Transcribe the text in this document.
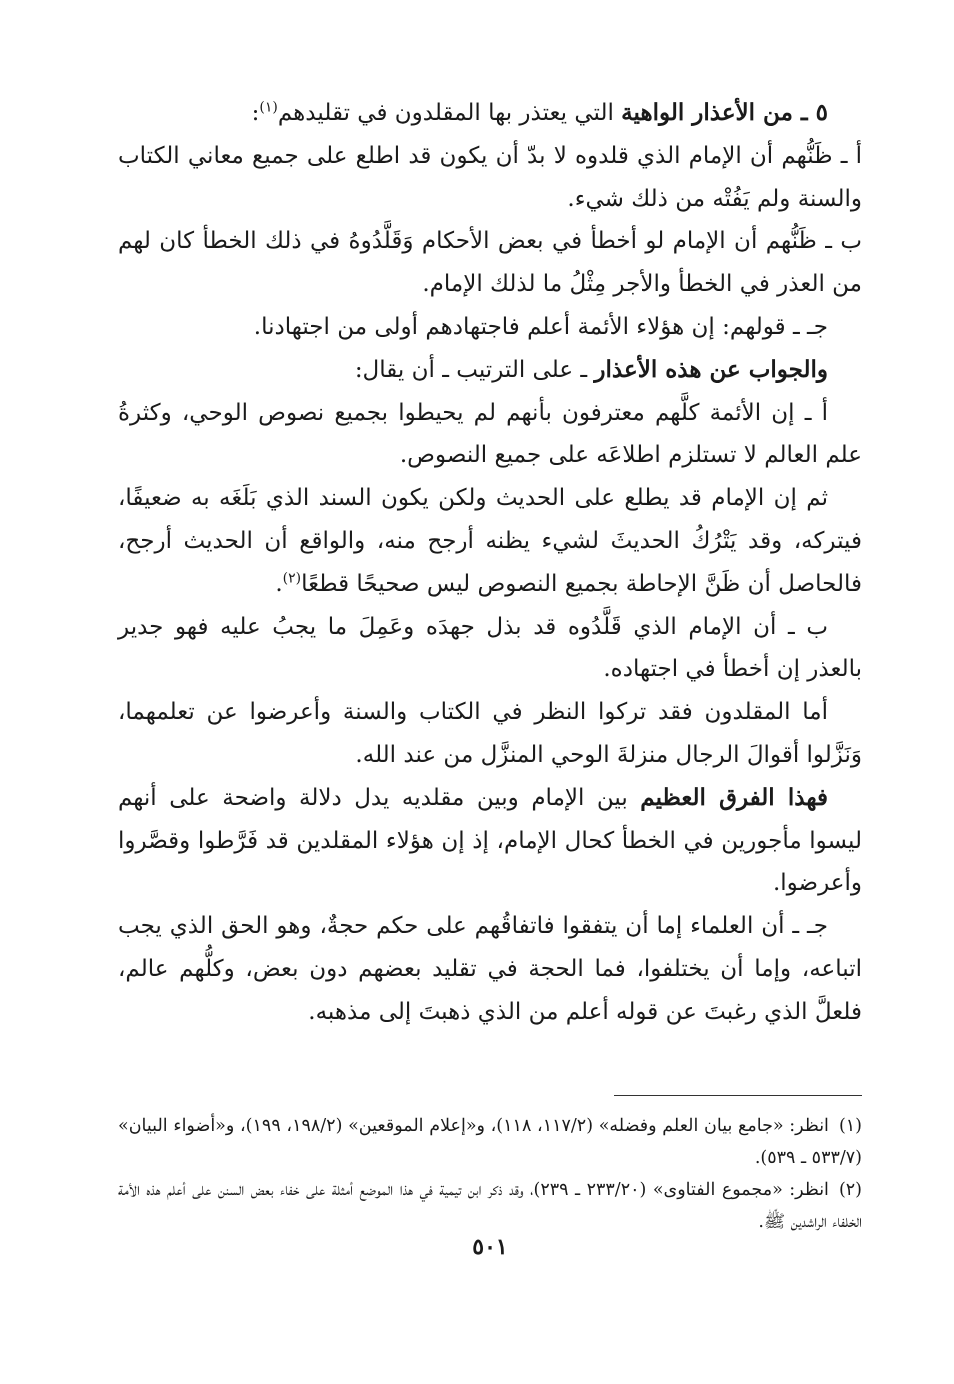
٥ ـ من الأعذار الواهية التي يعتذر بها المقلدون في تقليدهم$^{(١)}$:

أ ـ ظَنُّهم أن الإمام الذي قلدوه لا بدّ أن يكون قد اطلع على جميع معاني الكتاب والسنة ولم يَفُتْه من ذلك شيء.

ب ـ ظَنُّهم أن الإمام لو أخطأ في بعض الأحكام وَقَلَّدُوهُ في ذلك الخطأ كان لهم من العذر في الخطأ والأجر مِثْلُ ما لذلك الإمام.

جـ ـ قولهم: إن هؤلاء الأئمة أعلم فاجتهادهم أولى من اجتهادنا.

والجواب عن هذه الأعذار ـ على الترتيب ـ أن يقال:

أ ـ إن الأئمة كلَّهم معترفون بأنهم لم يحيطوا بجميع نصوص الوحي، وكثرةُ علم العالم لا تستلزم اطلاعَه على جميع النصوص.

ثم إن الإمام قد يطلع على الحديث ولكن يكون السند الذي بَلَغَه به ضعيفًا، فيتركه، وقد يَتْرُكُ الحديثَ لشيء يظنه أرجح منه، والواقع أن الحديث أرجح، فالحاصل أن ظَنَّ الإحاطة بجميع النصوص ليس صحيحًا قطعًا$^{(٢)}$.

ب ـ أن الإمام الذي قَلَّدُوه قد بذل جهدَه وعَمِلَ ما يجبُ عليه فهو جدير بالعذر إن أخطأ في اجتهاده.

أما المقلدون فقد تركوا النظر في الكتاب والسنة وأعرضوا عن تعلمهما، وَنَزَّلوا أقوالَ الرجال منزلةَ الوحي المنزَّل من عند الله.

فهذا الفرق العظيم بين الإمام وبين مقلديه يدل دلالة واضحة على أنهم ليسوا مأجورين في الخطأ كحال الإمام، إذ إن هؤلاء المقلدين قد فَرَّطوا وقصَّروا وأعرضوا.

جـ ـ أن العلماء إما أن يتفقوا فاتفاقُهم على حكم حجةٌ، وهو الحق الذي يجب اتباعه، وإما أن يختلفوا، فما الحجة في تقليد بعضهم دون بعض، وكلُّهم عالم، فلعلَّ الذي رغبتَ عن قوله أعلم من الذي ذهبتَ إلى مذهبه.

(١)انظر: «جامع بيان العلم وفضله» (١١٧/٢، ١١٨)، و«إعلام الموقعين» (١٩٨/٢، ١٩٩)، و«أضواء البيان» (٥٣٣/٧ ـ ٥٣٩).

(٢)انظر: «مجموع الفتاوى» (٢٣٣/٢٠ ـ ٢٣٩)، وقد ذكر ابن تيمية في هذا الموضع أمثلة على خفاء بعض السنن على أعلم هذه الأمة الخلفاء الراشدين ﷺ.

٥٠١
